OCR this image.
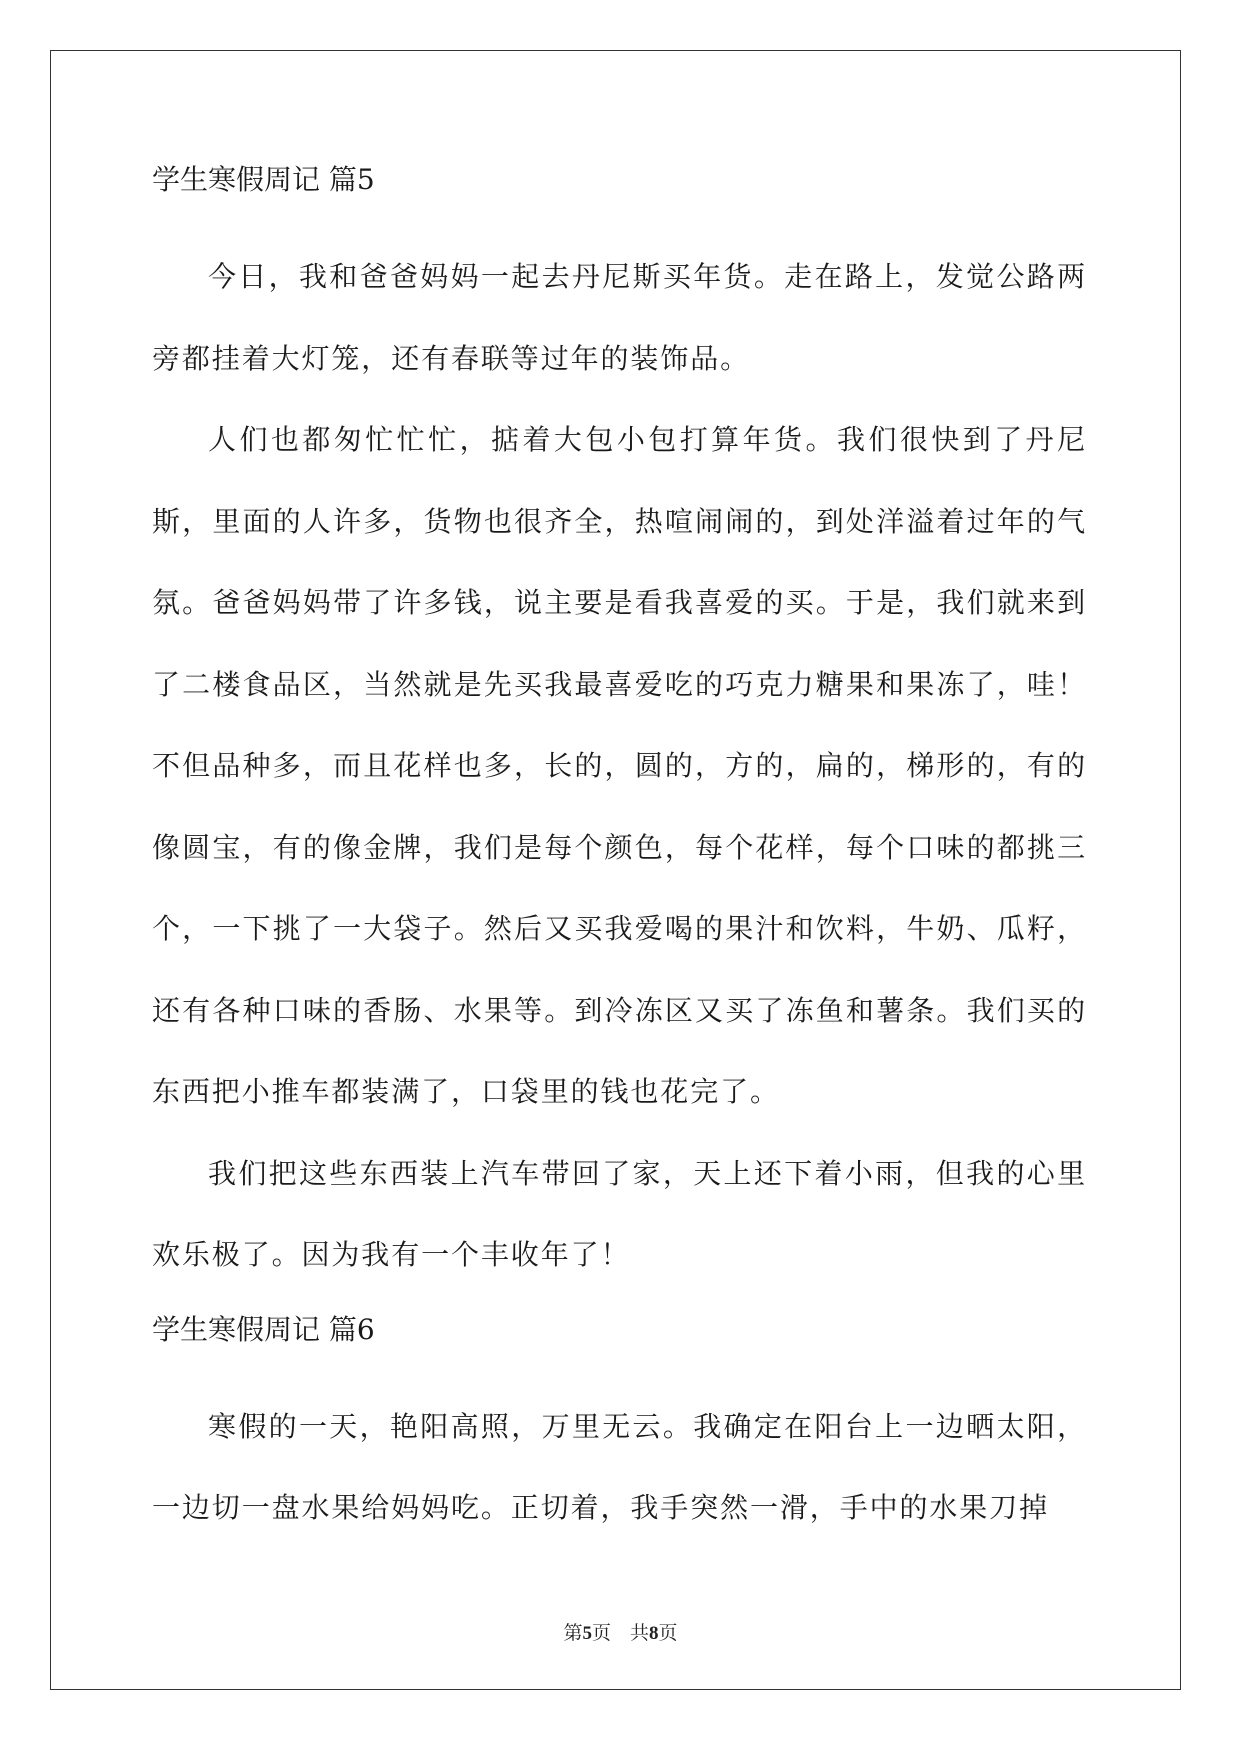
学生寒假周记 篇5

今日，我和爸爸妈妈一起去丹尼斯买年货。走在路上，发觉公路两旁都挂着大灯笼，还有春联等过年的装饰品。

人们也都匆忙忙忙，掂着大包小包打算年货。我们很快到了丹尼斯，里面的人许多，货物也很齐全，热喧闹闹的，到处洋溢着过年的气氛。爸爸妈妈带了许多钱，说主要是看我喜爱的买。于是，我们就来到了二楼食品区，当然就是先买我最喜爱吃的巧克力糖果和果冻了，哇！不但品种多，而且花样也多，长的，圆的，方的，扁的，梯形的，有的像圆宝，有的像金牌，我们是每个颜色，每个花样，每个口味的都挑三个，一下挑了一大袋子。然后又买我爱喝的果汁和饮料，牛奶、瓜籽，还有各种口味的香肠、水果等。到冷冻区又买了冻鱼和薯条。我们买的东西把小推车都装满了，口袋里的钱也花完了。

我们把这些东西装上汽车带回了家，天上还下着小雨，但我的心里欢乐极了。因为我有一个丰收年了！

学生寒假周记 篇6

寒假的一天，艳阳高照，万里无云。我确定在阳台上一边晒太阳，一边切一盘水果给妈妈吃。正切着，我手突然一滑，手中的水果刀掉

第5页　共8页
